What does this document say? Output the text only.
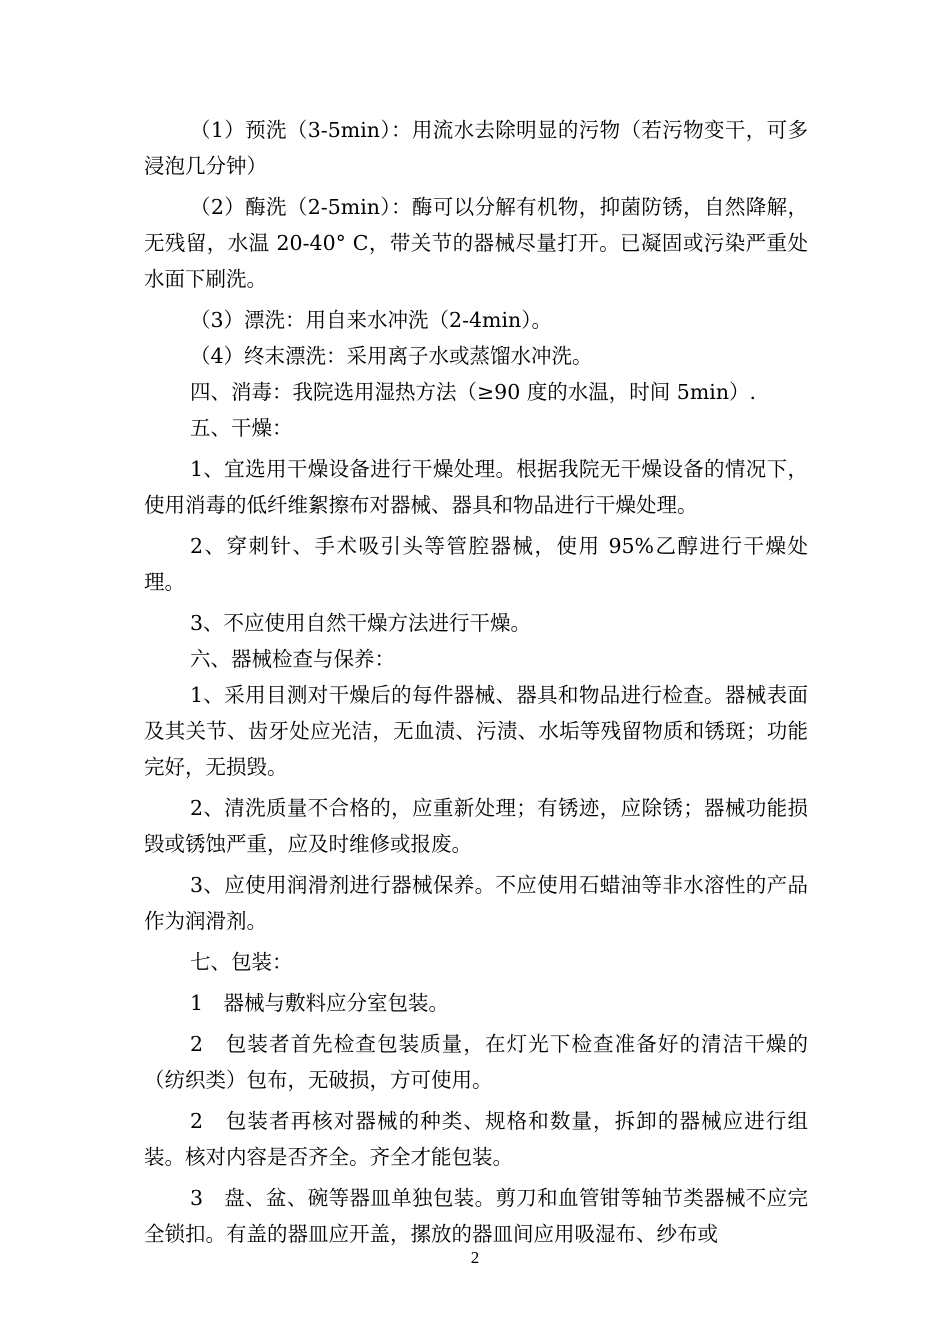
（1）预洗（3-5min）：用流水去除明显的污物（若污物变干，可多浸泡几分钟）

（2）酶洗（2-5min）：酶可以分解有机物，抑菌防锈，自然降解，无残留，水温 20-40° C，带关节的器械尽量打开。已凝固或污染严重处水面下刷洗。

（3）漂洗：用自来水冲洗（2-4min）。

（4）终末漂洗：采用离子水或蒸馏水冲洗。

四、消毒：我院选用湿热方法（≥90 度的水温，时间 5min）.

五、干燥：

1、宜选用干燥设备进行干燥处理。根据我院无干燥设备的情况下，使用消毒的低纤维絮擦布对器械、器具和物品进行干燥处理。

2、穿刺针、手术吸引头等管腔器械，使用 95%乙醇进行干燥处理。

3、不应使用自然干燥方法进行干燥。

六、器械检查与保养：

1、采用目测对干燥后的每件器械、器具和物品进行检查。器械表面及其关节、齿牙处应光洁，无血渍、污渍、水垢等残留物质和锈斑；功能完好，无损毁。

2、清洗质量不合格的，应重新处理；有锈迹，应除锈；器械功能损毁或锈蚀严重，应及时维修或报废。

3、应使用润滑剂进行器械保养。不应使用石蜡油等非水溶性的产品作为润滑剂。

七、包装：

1　器械与敷料应分室包装。

2　包装者首先检查包装质量，在灯光下检查准备好的清洁干燥的（纺织类）包布，无破损，方可使用。

2　包装者再核对器械的种类、规格和数量，拆卸的器械应进行组装。核对内容是否齐全。齐全才能包装。

3　盘、盆、碗等器皿单独包装。剪刀和血管钳等轴节类器械不应完全锁扣。有盖的器皿应开盖，摞放的器皿间应用吸湿布、纱布或

2
